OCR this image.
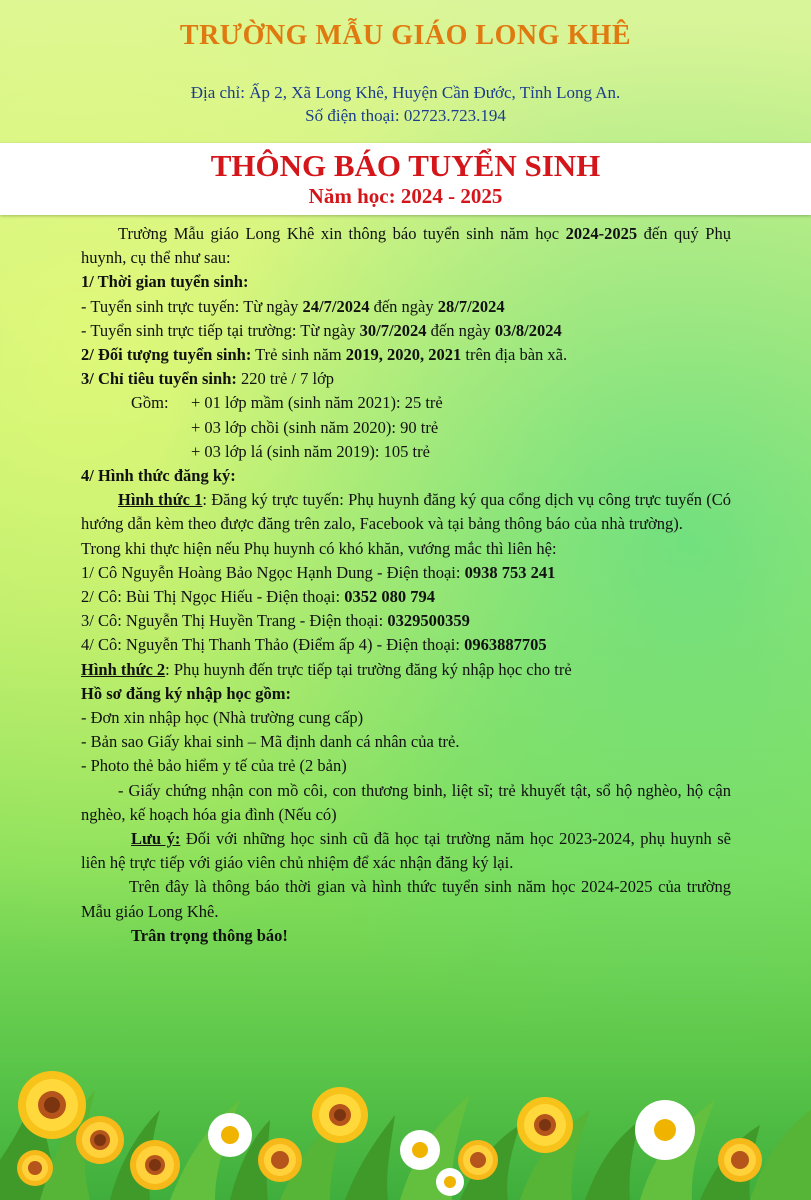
TRƯỜNG MẪU GIÁO LONG KHÊ
Địa chỉ: Ấp 2, Xã Long Khê, Huyện Cần Đước, Tỉnh Long An.
Số điện thoại: 02723.723.194
THÔNG BÁO TUYỂN SINH
Năm học: 2024 - 2025

Trường Mẫu giáo Long Khê xin thông báo tuyển sinh năm học 2024-2025 đến quý Phụ huynh, cụ thể như sau:

1/ Thời gian tuyển sinh:

- Tuyển sinh trực tuyến: Từ ngày 24/7/2024 đến ngày 28/7/2024

- Tuyển sinh trực tiếp tại trường: Từ ngày 30/7/2024 đến ngày 03/8/2024

2/ Đối tượng tuyển sinh: Trẻ sinh năm 2019, 2020, 2021 trên địa bàn xã.

3/ Chỉ tiêu tuyển sinh: 220 trẻ / 7 lớp

Gồm:	+ 01 lớp mầm (sinh năm 2021): 25 trẻ

+ 03 lớp chồi (sinh năm 2020): 90 trẻ

+ 03 lớp lá (sinh năm 2019): 105 trẻ

4/ Hình thức đăng ký:

Hình thức 1: Đăng ký trực tuyến: Phụ huynh đăng ký qua cổng dịch vụ công trực tuyến (Có hướng dẫn kèm theo được đăng trên zalo, Facebook và tại bảng thông báo của nhà trường).

Trong khi thực hiện nếu Phụ huynh có khó khăn, vướng mắc thì liên hệ:

1/ Cô Nguyễn Hoàng Bảo Ngọc Hạnh Dung - Điện thoại: 0938 753 241

2/ Cô: Bùi Thị Ngọc Hiếu - Điện thoại: 0352 080 794

3/ Cô: Nguyễn Thị Huyền Trang - Điện thoại: 0329500359

4/ Cô: Nguyễn Thị Thanh Thảo (Điểm ấp 4) - Điện thoại: 0963887705

Hình thức 2: Phụ huynh đến trực tiếp tại trường đăng ký nhập học cho trẻ

Hồ sơ đăng ký nhập học gồm:

- Đơn xin nhập học (Nhà trường cung cấp)

- Bản sao Giấy khai sinh – Mã định danh cá nhân của trẻ.

- Photo thẻ bảo hiểm y tế của trẻ (2 bản)

- Giấy chứng nhận con mồ côi, con thương binh, liệt sĩ; trẻ khuyết tật, sổ hộ nghèo, hộ cận nghèo, kế hoạch hóa gia đình (Nếu có)

Lưu ý: Đối với những học sinh cũ đã học tại trường năm học 2023-2024, phụ huynh sẽ liên hệ trực tiếp với giáo viên chủ nhiệm để xác nhận đăng ký lại.

Trên đây là thông báo thời gian và hình thức tuyển sinh năm học 2024-2025 của trường Mẫu giáo Long Khê.

Trân trọng thông báo!
